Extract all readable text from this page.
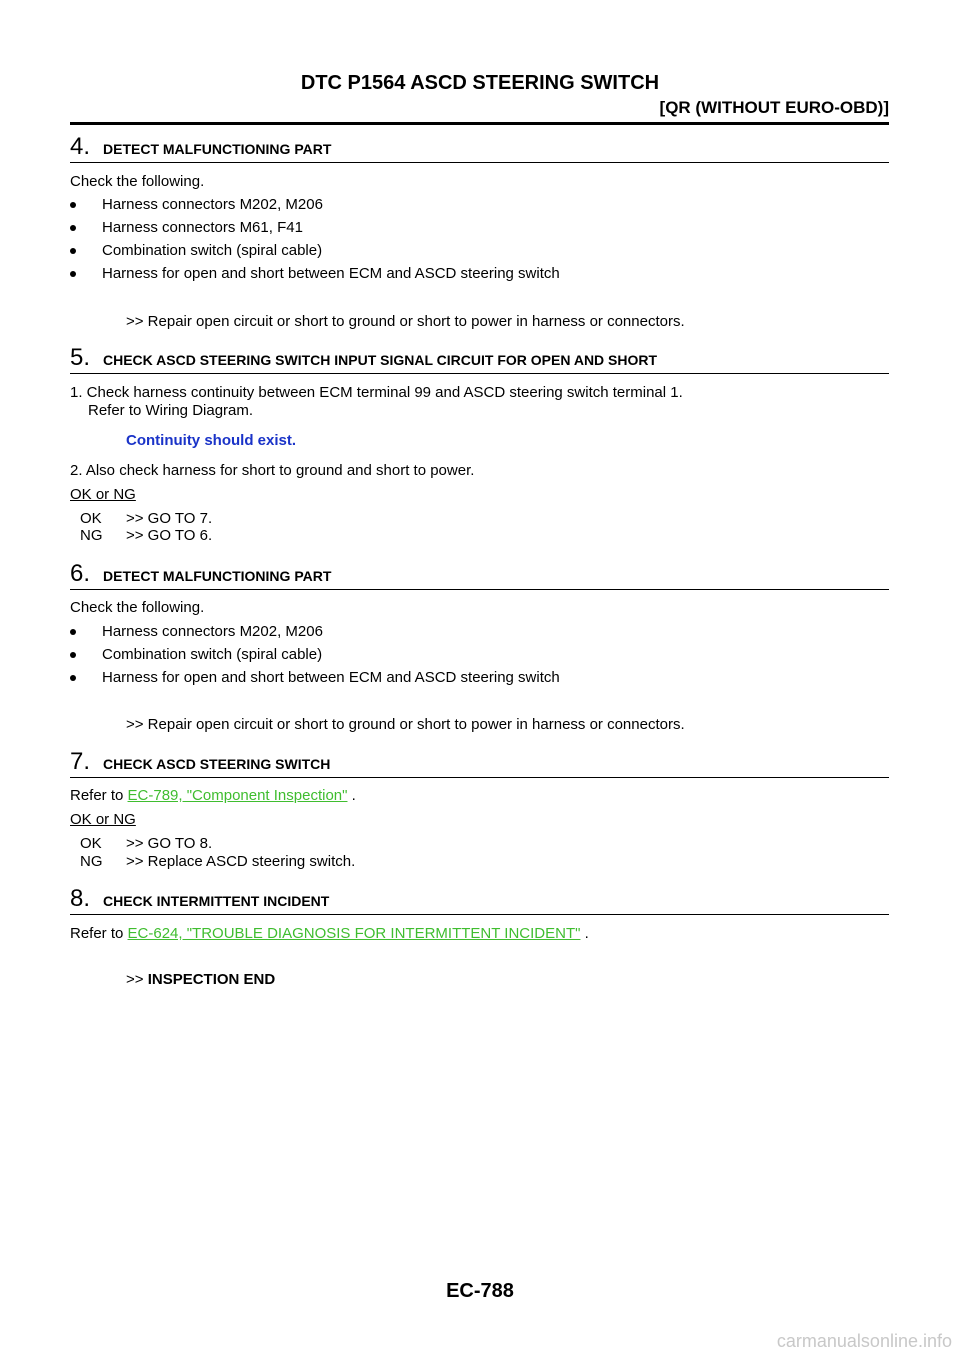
DTC P1564 ASCD STEERING SWITCH
[QR (WITHOUT EURO-OBD)]
4. DETECT MALFUNCTIONING PART
Check the following.
Harness connectors M202, M206
Harness connectors M61, F41
Combination switch (spiral cable)
Harness for open and short between ECM and ASCD steering switch
>> Repair open circuit or short to ground or short to power in harness or connectors.
5. CHECK ASCD STEERING SWITCH INPUT SIGNAL CIRCUIT FOR OPEN AND SHORT
1. Check harness continuity between ECM terminal 99 and ASCD steering switch terminal 1.
Refer to Wiring Diagram.
Continuity should exist.
2. Also check harness for short to ground and short to power.
OK or NG
OK >> GO TO 7.
NG >> GO TO 6.
6. DETECT MALFUNCTIONING PART
Check the following.
Harness connectors M202, M206
Combination switch (spiral cable)
Harness for open and short between ECM and ASCD steering switch
>> Repair open circuit or short to ground or short to power in harness or connectors.
7. CHECK ASCD STEERING SWITCH
Refer to EC-789, "Component Inspection" .
OK or NG
OK >> GO TO 8.
NG >> Replace ASCD steering switch.
8. CHECK INTERMITTENT INCIDENT
Refer to EC-624, "TROUBLE DIAGNOSIS FOR INTERMITTENT INCIDENT" .
>> INSPECTION END
EC-788
carmanualsonline.info
